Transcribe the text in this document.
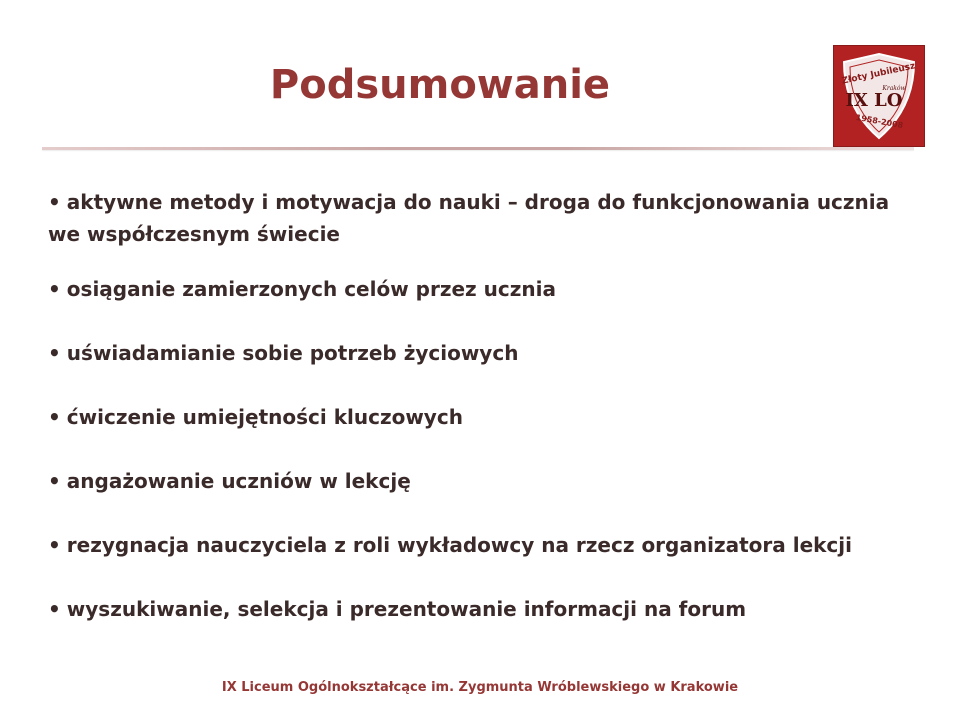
Podsumowanie	Złoty Jubileusz
IX LO
Kraków
1958-2008
• aktywne metody i motywacja do nauki – droga do funkcjonowania ucznia we współczesnym świecie
• osiąganie zamierzonych celów przez ucznia
• uświadamianie sobie potrzeb życiowych
• ćwiczenie umiejętności kluczowych
• angażowanie uczniów w lekcję
• rezygnacja nauczyciela z roli wykładowcy na rzecz organizatora lekcji
• wyszukiwanie, selekcja i prezentowanie informacji na forum
IX Liceum Ogólnokształcące im. Zygmunta Wróblewskiego w Krakowie
